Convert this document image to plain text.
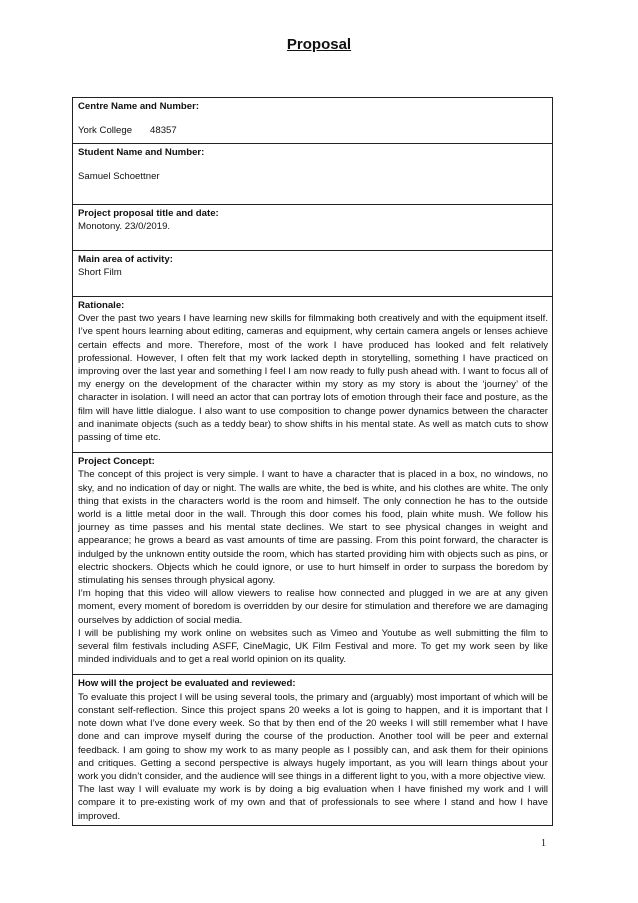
Proposal
Centre Name and Number:
York College 48357

Student Name and Number:
Samuel Schoettner

Project proposal title and date:
Monotony. 23/0/2019.

Main area of activity:
Short Film

Rationale:
Over the past two years I have learning new skills for filmmaking both creatively and with the equipment itself. I’ve spent hours learning about editing, cameras and equipment, why certain camera angels or lenses achieve certain effects and more. Therefore, most of the work I have produced has looked and felt relatively professional. However, I often felt that my work lacked depth in storytelling, something I have practiced on improving over the last year and something I feel I am now ready to fully push ahead with. I want to focus all of my energy on the development of the character within my story as my story is about the ‘journey’ of the character in isolation. I will need an actor that can portray lots of emotion through their face and posture, as the film will have little dialogue. I also want to use composition to change power dynamics between the character and inanimate objects (such as a teddy bear) to show shifts in his mental state. As well as match cuts to show passing of time etc.

Project Concept:
The concept of this project is very simple. I want to have a character that is placed in a box, no windows, no sky, and no indication of day or night. The walls are white, the bed is white, and his clothes are white. The only thing that exists in the characters world is the room and himself. The only connection he has to the outside world is a little metal door in the wall. Through this door comes his food, plain white mush. We follow his journey as time passes and his mental state declines. We start to see physical changes in weight and appearance; he grows a beard as vast amounts of time are passing. From this point forward, the character is indulged by the unknown entity outside the room, which has started providing him with objects such as pins, or electric shockers. Objects which he could ignore, or use to hurt himself in order to surpass the boredom by stimulating his senses through physical agony.
I’m hoping that this video will allow viewers to realise how connected and plugged in we are at any given moment, every moment of boredom is overridden by our desire for stimulation and therefore we are damaging ourselves by addiction of social media.
I will be publishing my work online on websites such as Vimeo and Youtube as well submitting the film to several film festivals including ASFF, CineMagic, UK Film Festival and more. To get my work seen by like minded individuals and to get a real world opinion on its quality.

How will the project be evaluated and reviewed:
To evaluate this project I will be using several tools, the primary and (arguably) most important of which will be constant self-reflection. Since this project spans 20 weeks a lot is going to happen, and it is important that I note down what I’ve done every week. So that by then end of the 20 weeks I will still remember what I have done and can improve myself during the course of the production. Another tool will be peer and external feedback. I am going to show my work to as many people as I possibly can, and ask them for their opinions and critiques. Getting a second perspective is always hugely important, as you will learn things about your work you didn’t consider, and the audience will see things in a different light to you, with a more objective view.
The last way I will evaluate my work is by doing a big evaluation when I have finished my work and I will compare it to pre-existing work of my own and that of professionals to see where I stand and how I have improved.
1
